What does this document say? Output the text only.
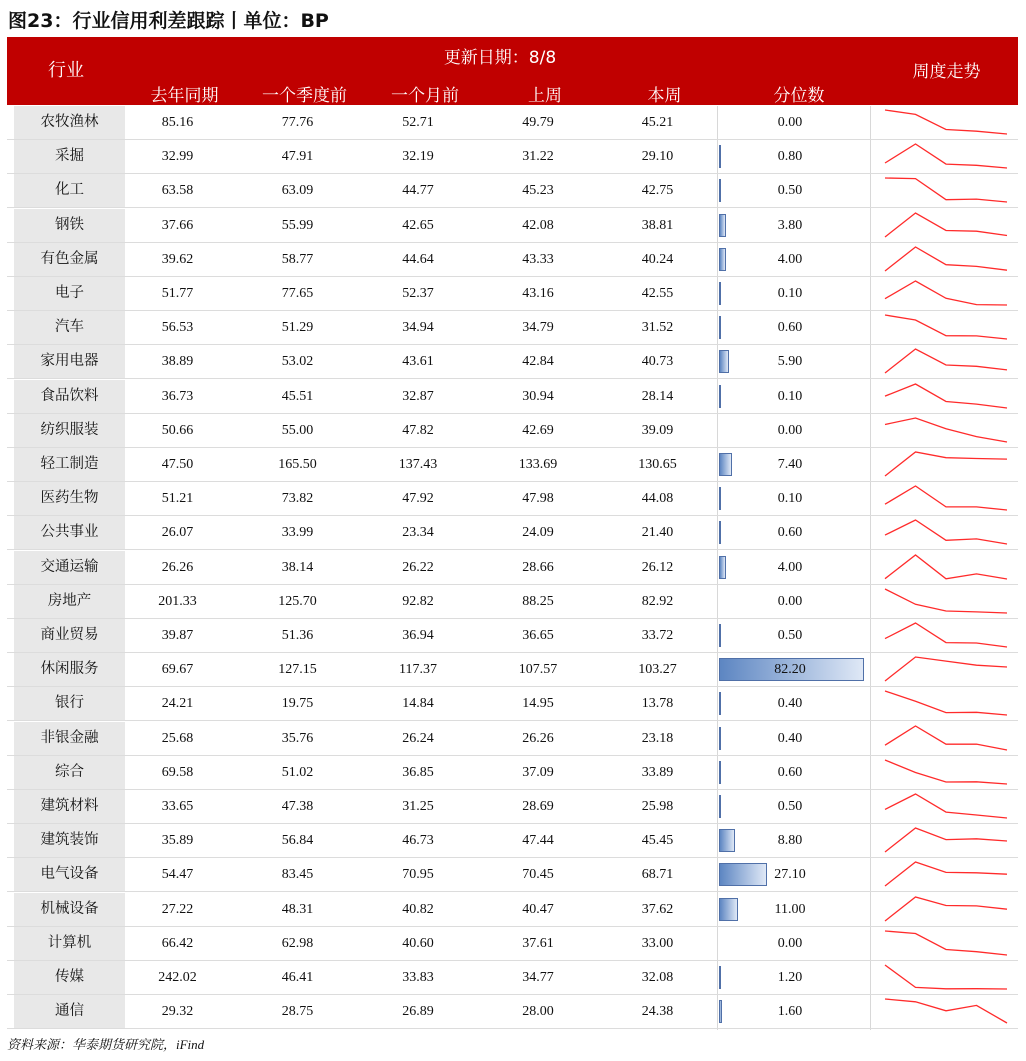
图23：行业信用利差跟踪丨单位：BP
行业
更新日期：8/8
去年同期	一个季度前	一个月前	上周	本周	分位数
周度走势
农牧渔林	85.16	77.76	52.71	49.79	45.21	0.00
采掘	32.99	47.91	32.19	31.22	29.10	0.80
化工	63.58	63.09	44.77	45.23	42.75	0.50
钢铁	37.66	55.99	42.65	42.08	38.81	3.80
有色金属	39.62	58.77	44.64	43.33	40.24	4.00
电子	51.77	77.65	52.37	43.16	42.55	0.10
汽车	56.53	51.29	34.94	34.79	31.52	0.60
家用电器	38.89	53.02	43.61	42.84	40.73	5.90
食品饮料	36.73	45.51	32.87	30.94	28.14	0.10
纺织服装	50.66	55.00	47.82	42.69	39.09	0.00
轻工制造	47.50	165.50	137.43	133.69	130.65	7.40
医药生物	51.21	73.82	47.92	47.98	44.08	0.10
公共事业	26.07	33.99	23.34	24.09	21.40	0.60
交通运输	26.26	38.14	26.22	28.66	26.12	4.00
房地产	201.33	125.70	92.82	88.25	82.92	0.00
商业贸易	39.87	51.36	36.94	36.65	33.72	0.50
休闲服务	69.67	127.15	117.37	107.57	103.27	82.20
银行	24.21	19.75	14.84	14.95	13.78	0.40
非银金融	25.68	35.76	26.24	26.26	23.18	0.40
综合	69.58	51.02	36.85	37.09	33.89	0.60
建筑材料	33.65	47.38	31.25	28.69	25.98	0.50
建筑装饰	35.89	56.84	46.73	47.44	45.45	8.80
电气设备	54.47	83.45	70.95	70.45	68.71	27.10
机械设备	27.22	48.31	40.82	40.47	37.62	11.00
计算机	66.42	62.98	40.60	37.61	33.00	0.00
传媒	242.02	46.41	33.83	34.77	32.08	1.20
通信	29.32	28.75	26.89	28.00	24.38	1.60
资料来源：华泰期货研究院，iFind
